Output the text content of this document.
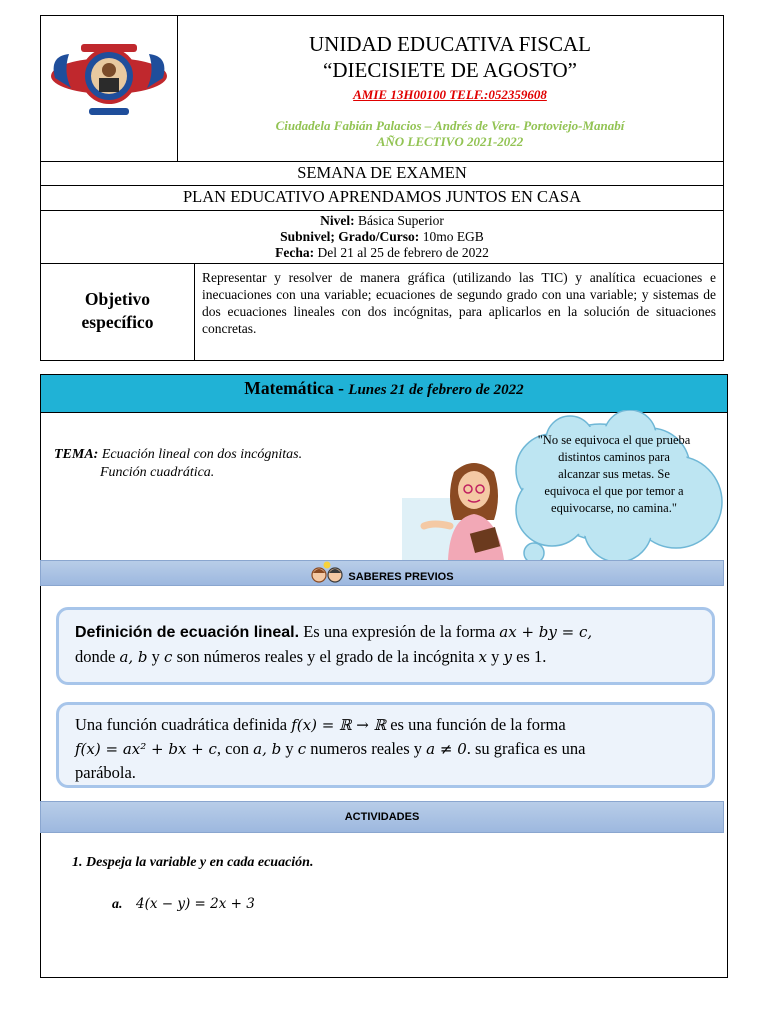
UNIDAD EDUCATIVA FISCAL
“DIECISIETE DE AGOSTO”
AMIE 13H00100 TELF.:052359608
Ciudadela Fabián Palacios – Andrés de Vera- Portoviejo-Manabí
AÑO LECTIVO 2021-2022
SEMANA DE EXAMEN
PLAN EDUCATIVO APRENDAMOS JUNTOS EN CASA
Nivel: Básica Superior
Subnivel; Grado/Curso: 10mo EGB
Fecha: Del 21 al 25 de febrero de 2022
Objetivo
específico
Representar y resolver de manera gráfica (utilizando las TIC) y analítica ecuaciones e inecuaciones con una variable; ecuaciones de segundo grado con una variable; y sistemas de dos ecuaciones lineales con dos incógnitas, para aplicarlos en la solución de situaciones concretas.
Matemática - Lunes 21 de febrero de 2022
TEMA: Ecuación lineal con dos incógnitas.
Función cuadrática.
"No se equivoca el que prueba distintos caminos para alcanzar sus metas. Se equivoca el que por temor a equivocarse, no camina."
SABERES PREVIOS
Definición de ecuación lineal. Es una expresión de la forma ax + by = c,
donde a, b y c son números reales y el grado de la incógnita x y y es 1.
Una función cuadrática definida f(x) = ℝ → ℝ es una función de la forma
f(x) = ax² + bx + c, con a, b y c numeros reales y a ≠ 0. su grafica es una
parábola.
ACTIVIDADES
1. Despeja la variable y en cada ecuación.
a. 4(x − y) = 2x + 3
